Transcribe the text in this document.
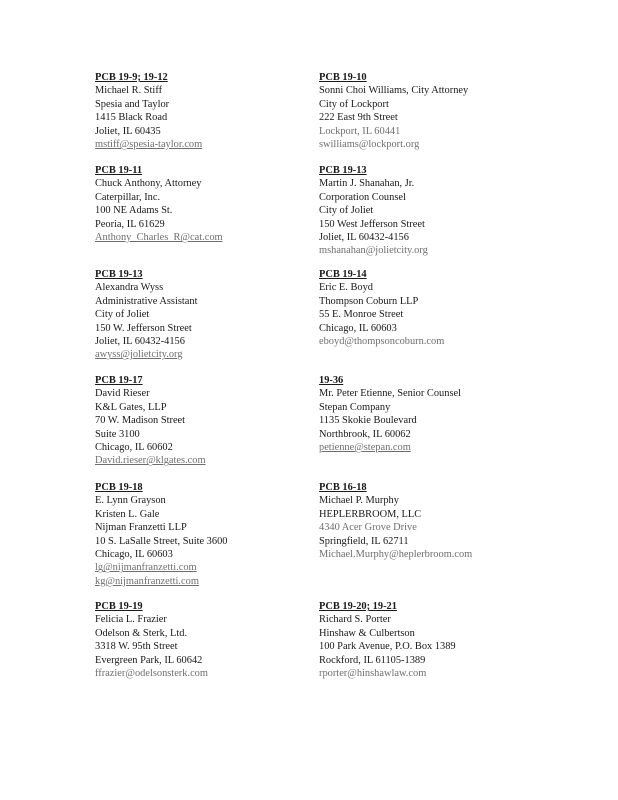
PCB 19-9; 19-12
Michael R. Stiff
Spesia and Taylor
1415 Black Road
Joliet, IL 60435
mstiff@spesia-taylor.com
PCB 19-10
Sonni Choi Williams, City Attorney
City of Lockport
222 East 9th Street
Lockport, IL 60441
swilliams@lockport.org
PCB 19-11
Chuck Anthony, Attorney
Caterpillar, Inc.
100 NE Adams St.
Peoria, IL 61629
Anthony_Charles_R@cat.com
PCB 19-13
Martin J. Shanahan, Jr.
Corporation Counsel
City of Joliet
150 West Jefferson Street
Joliet, IL 60432-4156
mshanahan@jolietcity.org
PCB 19-13
Alexandra Wyss
Administrative Assistant
City of Joliet
150 W. Jefferson Street
Joliet, IL 60432-4156
awyss@jolietcity.org
PCB 19-14
Eric E. Boyd
Thompson Coburn LLP
55 E. Monroe Street
Chicago, IL 60603
eboyd@thompsoncoburn.com
PCB 19-17
David Rieser
K&L Gates, LLP
70 W. Madison Street
Suite 3100
Chicago, IL 60602
David.rieser@klgates.com
19-36
Mr. Peter Etienne, Senior Counsel
Stepan Company
1135 Skokie Boulevard
Northbrook, IL 60062
petienne@stepan.com
PCB 19-18
E. Lynn Grayson
Kristen L. Gale
Nijman Franzetti LLP
10 S. LaSalle Street, Suite 3600
Chicago, IL 60603
lg@nijmanfranzetti.com
kg@nijmanfranzetti.com
PCB 16-18
Michael P. Murphy
HEPLERBROOM, LLC
4340 Acer Grove Drive
Springfield, IL 62711
Michael.Murphy@heplerbroom.com
PCB 19-19
Felicia L. Frazier
Odelson & Sterk, Ltd.
3318 W. 95th Street
Evergreen Park, IL 60642
ffrazier@odelsonsterk.com
PCB 19-20; 19-21
Richard S. Porter
Hinshaw & Culbertson
100 Park Avenue, P.O. Box 1389
Rockford, IL 61105-1389
rporter@hinshawlaw.com
